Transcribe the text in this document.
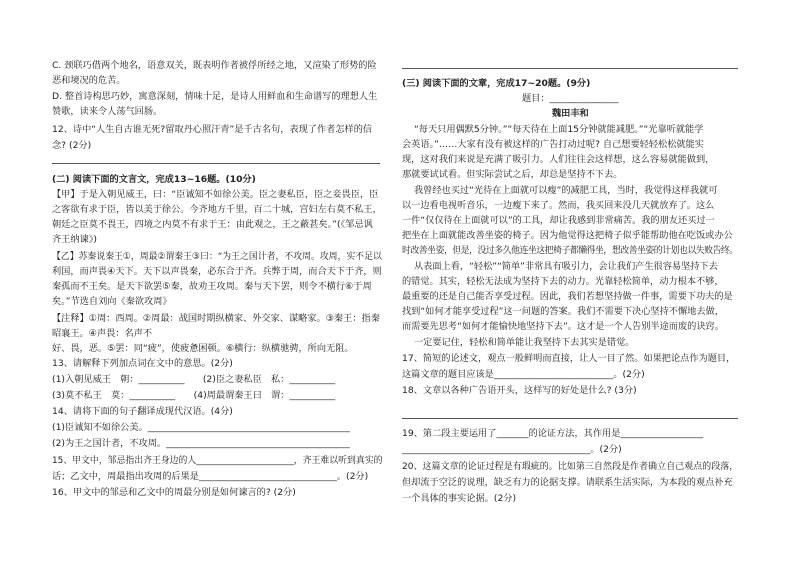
C. 颈联巧借两个地名，语意双关，既表明作者被俘所经之地，又渲染了形势的险
恶和境况的危苦。
D. 整首诗构思巧妙，寓意深刻，情味十足，是诗人用鲜血和生命谱写的理想人生
赞歌，读来令人荡气回肠。
12、诗中“人生自古谁无死?留取丹心照汗青”是千古名句，表现了作者怎样的信
念? (2分)
(二) 阅读下面的文言文，完成13~16题。(10分)
【甲】于是入朝见威王，曰：“臣诚知不如徐公美。臣之妻私臣，臣之妾畏臣，臣
之客欲有求于臣，皆以美于徐公。今齐地方千里，百二十城，宫妇左右莫不私王，
朝廷之臣莫不畏王，四境之内莫不有求于王：由此观之，王之蔽甚矣。”(《邹忌讽
齐王纳谏》)
【乙】苏秦说秦王①，周最②谓秦王③曰：“为王之国计者，不攻周。攻周，实不足以
利国，而声畏④天下。天下以声畏秦，必东合于齐。兵弊于周，而合天下于齐，则
秦孤而不王矣。是天下欲罢⑤秦，故劝王攻周。秦与天下罢，则令不横行⑥于周
矣。”节选自刘向《秦欲攻周》
【注释】①周：西周。②周最：战国时期纵横家、外交家、谋略家。③秦王：指秦
昭襄王。④声畏：名声不
好、畏，恶。⑤罢：同“疲”，使疲惫困顿。⑥横行：纵横驰骋，所向无阻。
13、请解释下列加点词在文中的意思。(2分)
(1)入朝见威王　朝：__________　　(2)臣之妻私臣　私：__________
(3)莫不私王　莫：__________　　(4)周最谓秦王曰　谓：__________
14、请将下面的句子翻译成现代汉语。(4分)
(1)臣诚知不如徐公美。____________________________________________
(2)为王之国计者，不攻周。________________________________________
15、甲文中，邹忌指出齐王身边的人______________________，齐王难以听到真实的
话；乙文中，周最指出攻周的后果是______________________________。(2分)
16、甲文中的邹忌和乙文中的周最分别是如何谏言的? (2分)
(三) 阅读下面的文章，完成17~20题。(9分)
题目：_______________
魏田丰和
“每天只用偶默5分钟。”“每天待在上面15分钟就能减肥。”“光靠听就能学
会英语。”……大家有没有被这样的广告打动过呢? 自己想要轻轻松松就能实
现，这对我们来说是充满了吸引力。人们往往会这样想，这么容易就能做到，
那就要试试看。但实际尝试之后，却总是坚持不下去。
我曾经也买过“光待在上面就可以瘦”的减肥工具，当时，我觉得这样我就可
以一边看电视听音乐，一边瘦下来了。然而，我买回来没几天就放弃了。这么
一件“仅仅待在上面就可以”的工具，却让我感到非常痛苦。我的朋友还买过一
把坐在上面就能改善坐姿的椅子。因为他觉得这把椅子似乎能帮助他在吃饭或办公
时改善坐姿，但是，没过多久他连坐这把椅子都懒得坐，想改善坐姿的计划也以失败告终。
从表面上看，“轻松”“简单”非常具有吸引力，会让我们产生很容易坚持下去
的错觉。其实，轻松无法成为坚持下去的动力。光靠轻松简单，动力根本不够，
最重要的还是自己能否享受过程。因此，我们若想坚持做一件事，需要下功夫的是
找到“如何才能享受过程”这一问题的答案。我们不需要下决心坚持不懈地去做，
而需要先思考“如何才能愉快地坚持下去”。这才是一个人告别半途而废的诀窍。
一定要记住，轻松和简单能让我坚持下去其实是错觉。
17、简短的论述文，观点一般鲜明而直接，让人一目了然。如果把论点作为题目，
这篇文章的题目应该是__________________________。(2分)
18、文章以各种广告语开头，这样写的好处是什么? (3分)
19、第二段主要运用了_______的论证方法，其作用是__________________
_________________________________________。(2分)
20、这篇文章的论证过程是有瑕疵的。比如第三自然段是作者确立自己观点的段落，
但却流于空泛的说理，缺乏有力的论据支撑。请联系生活实际，为本段的观点补充
一个具体的事实论据。(2分)
